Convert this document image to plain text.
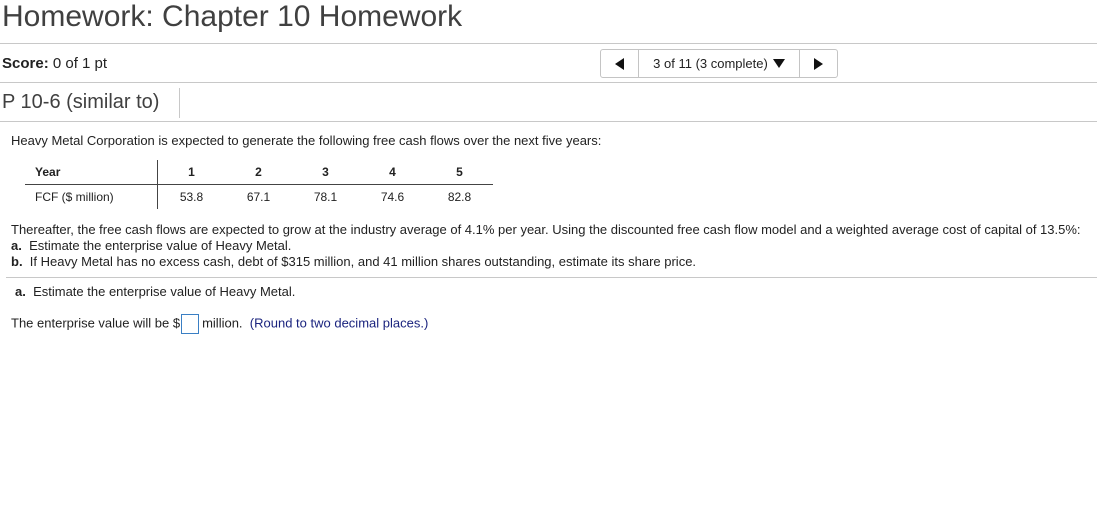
Homework: Chapter 10 Homework
Score: 0 of 1 pt	3 of 11 (3 complete)
P 10-6 (similar to)
Heavy Metal Corporation is expected to generate the following free cash flows over the next five years:
Year	1	2	3	4	5
FCF ($ million)	53.8	67.1	78.1	74.6	82.8
Thereafter, the free cash flows are expected to grow at the industry average of 4.1% per year. Using the discounted free cash flow model and a weighted average cost of capital of 13.5%:
a. Estimate the enterprise value of Heavy Metal.
b. If Heavy Metal has no excess cash, debt of $315 million, and 41 million shares outstanding, estimate its share price.
a. Estimate the enterprise value of Heavy Metal.
The enterprise value will be $ million. (Round to two decimal places.)
